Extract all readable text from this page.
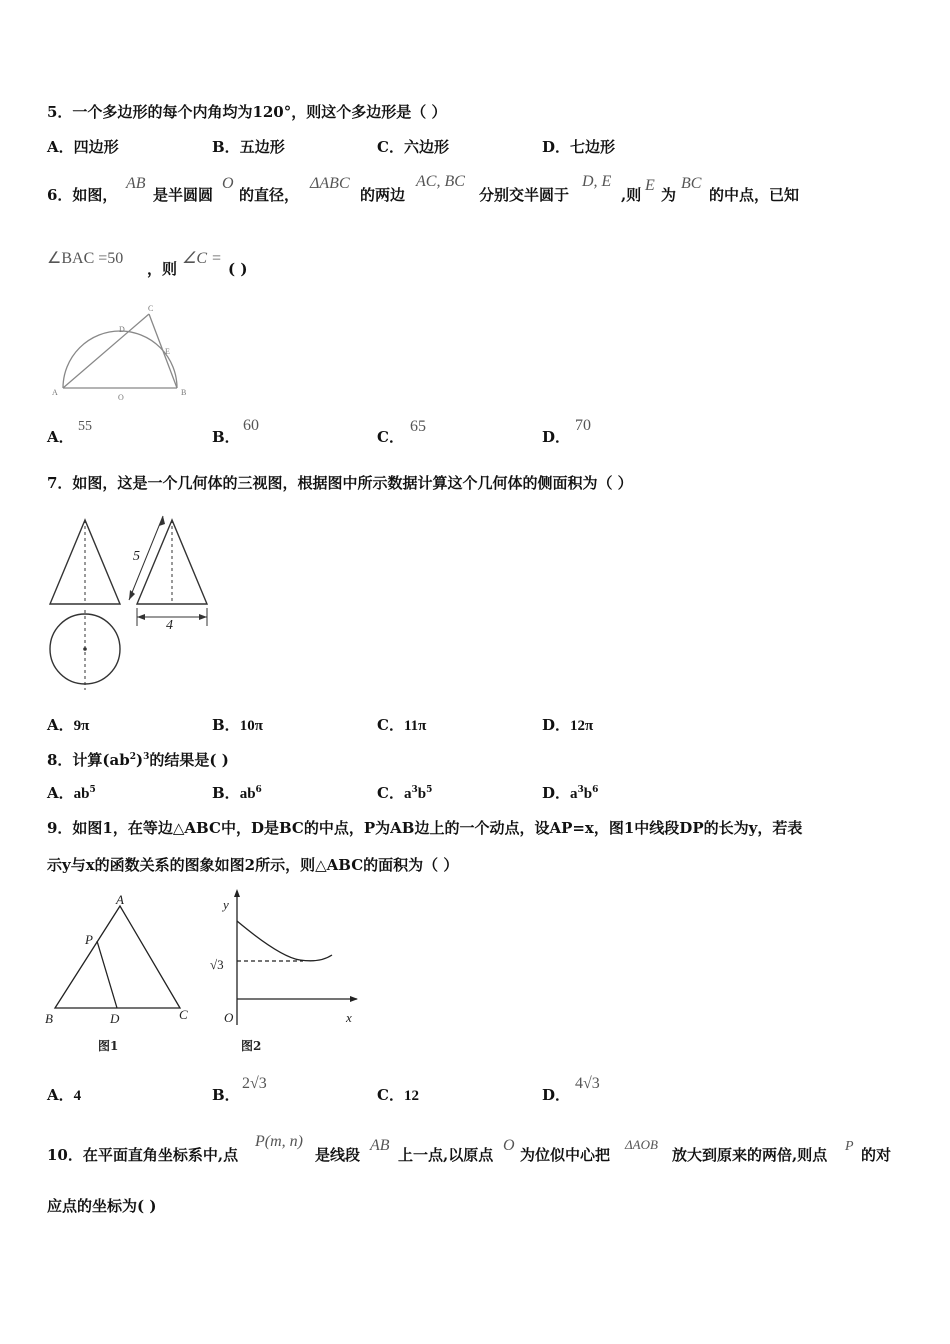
5．一个多边形的每个内角均为120°，则这个多边形是（ ）
A．四边形	B．五边形	C．六边形	D．七边形
6．如图，
AB
是半圆圆
O
的直径，
ΔABC
的两边
AC, BC
分别交半圆于
D, E
,则
E
为
BC
的中点，已知
∠BAC =50
，则
∠C =
( )
A
O
B
C
D
E
A．
55
B．
60
C．
65
D．
70
7．如图，这是一个几何体的三视图，根据图中所示数据计算这个几何体的侧面积为（ ）
5
4
A．9π	B．10π	C．11π	D．12π
8．计算$(ab^2)^3$的结果是( )
A．$ab^5$	B．$ab^6$	C．$a^3b^5$	D．$a^3b^6$
9．如图1，在等边△ABC中，D是BC的中点，P为AB边上的一个动点，设AP=x，图1中线段DP的长为y，若表
示y与x的函数关系的图象如图2所示，则△ABC的面积为（ ）
A
P
B	D	C
图1
y
√3
O	x
图2
A．4	B．
2√3
C．12	D．
4√3
10．在平面直角坐标系中,点
P(m, n)
是线段
AB
上一点,以原点
O
为位似中心把
ΔAOB
放大到原来的两倍,则点 P 的对
应点的坐标为( )
